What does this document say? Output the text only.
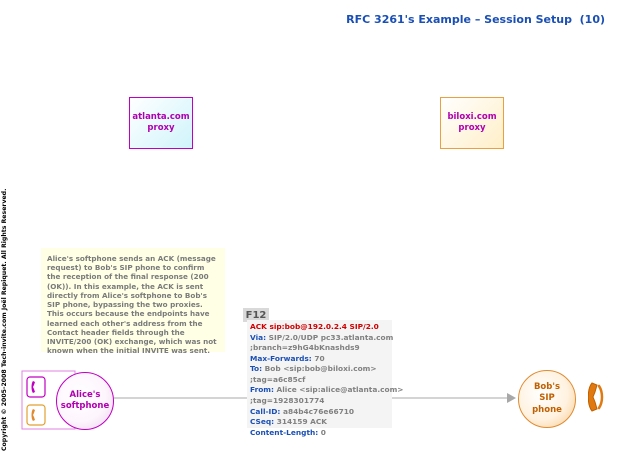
RFC 3261's Example – Session Setup  (10)
Copyright © 2005-2008 Tech-invite.com Joël Repiquet. All Rights Reserved.
atlanta.com
proxy
biloxi.com
proxy
Alice's softphone sends an ACK (message request) to Bob's SIP phone to confirm the reception of the final response (200 (OK)). In this example, the ACK is sent directly from Alice's softphone to Bob's SIP phone, bypassing the two proxies. This occurs because the endpoints have learned each other's address from the Contact header fields through the INVITE/200 (OK) exchange, which was not known when the initial INVITE was sent.
F12
ACK sip:bob@192.0.2.4 SIP/2.0
Via: SIP/2.0/UDP pc33.atlanta.com
;branch=z9hG4bKnashds9
Max-Forwards: 70
To: Bob <sip:bob@biloxi.com>
;tag=a6c85cf
From: Alice <sip:alice@atlanta.com>
;tag=1928301774
Call-ID: a84b4c76e66710
CSeq: 314159 ACK
Content-Length: 0
Alice's
softphone
Bob's
SIP
phone
